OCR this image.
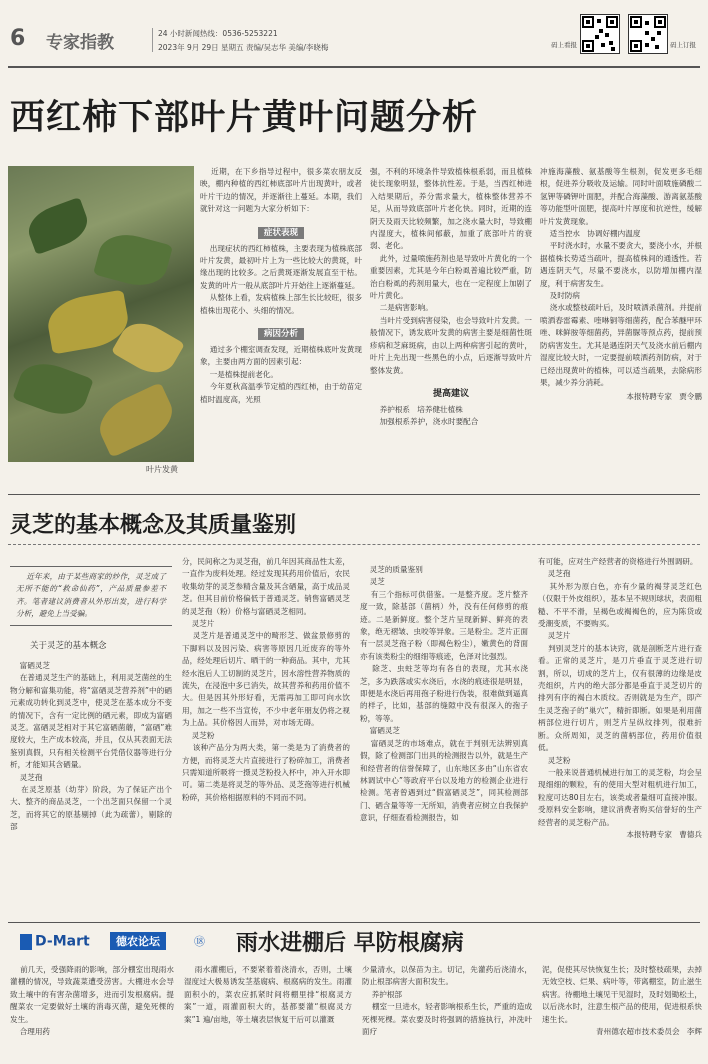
6 专家指教	24 小时新闻热线：0536-5253221
2023年 9月 29日 星期五 责编/吴志华 美编/李晓梅	码上看报	码上订报
西红柿下部叶片黄叶问题分析
叶片发黄
近期，在下乡指导过程中，很多菜农朋友反映，棚内种植的西红柿底部叶片出现黄叶，或者叶片干边的情况，并逐渐往上蔓延。本期，我们就针对这一问题为大家分析如下：
症状表现
出现症状的西红柿植株，主要表现为植株底部叶片发黄，最初叶片上为一些比较大的黄斑，叶缘出现的比较多。之后黄斑逐渐发展直至干枯。发黄的叶片一般从底部叶片开始往上逐渐蔓延。
从整体上看，发病植株上部生长比较旺，很多植株出现花小、头细的情况。
病因分析
通过多个棚室调查发现，近期植株底叶发黄现象，主要由两方面的因素引起：
一是植株提前老化。
今年夏秋高温季节定植的西红柿，由于幼苗定植时温度高，光照
强，不利的环境条件导致植株根系弱，而且植株徒长现象明显，整体抗性差。于是，当西红柿进入结果期后，养分需求量大，植株整体营养不足，从而导致底部叶片老化快。同时，近期的连阴天及雨天比较频繁，加之浇水量大时，导致棚内湿度大，植株间郁蔽，加重了底部叶片的衰弱、老化。
此外，过量喷施药剂也是导致叶片黄化的一个重要因素，尤其是今年白粉虱普遍比较严重，防治白粉虱的药剂用量大，也在一定程度上加剧了叶片黄化。
二是病害影响。
当叶片受到病害侵染，也会导致叶片发黄。一般情况下，诱发底叶发黄的病害主要是细菌性斑疹病和芝麻斑病，由以上两种病害引起的黄叶，叶片上先出现一些黑色的小点，后逐渐导致叶片整体发黄。
提高建议
养护根系   培养健壮植株
加强根系养护，浇水时要配合
冲施海藻酸、氨基酸等生根剂，促发更多毛细根，促进养分吸收及运输。同时叶面喷施磷酸二氢钾等磷钾叶面肥，并配合海藻酸、游离氨基酸等功能型叶面肥，提高叶片厚度和抗逆性，缓解叶片发黄现象。
适当控水   协调好棚内温度
平时浇水时，水量不要贪大，要浇小水，并根据植株长势适当疏叶，提高植株间的通透性。若遇连阴天气，尽量不要浇水，以防增加棚内湿度，利于病害发生。
及时防病
浇水或整枝疏叶后，及时喷洒杀菌剂。并提前喷洒春雷霉素、喹啉铜等细菌药，配合苯醚甲环唑、咪鲜胺等细菌药，异菌脲等预点药，提前预防病害发生。尤其是遇连阴天气及浇水前后棚内湿度比较大时，一定要提前喷洒药剂防病，对于已经出现黄叶的植株，可以适当疏果，去除病形果，减少养分消耗。
本报特聘专家   贾令鹏
灵芝的基本概念及其质量鉴别
近年来，由于某些商家的炒作，灵芝成了无所不能的“救命仙药”，产品质量参差不齐。笔者建议消费者从外形出发，进行科学分析，避免上当受骗。
关于灵芝的基本概念
富硒灵芝
在普通灵芝生产的基础上，利用灵芝菌丝的生物分解和富集功能，将“富硒灵芝营养剂”中的硒元素成功转化到灵芝中，使灵芝在基本成分不变的情况下，含有一定比例的硒元素，即成为富硒灵芝。富硒灵芝相对于其它富硒菌蘑，“富硒”难度较大，生产成本较高，并且，仅从其表面无法鉴别真假，只有相关检测平台凭借仪器等进行分析，才能知其含硒量。
灵芝孢
在灵芝原基（幼芽）阶段，为了保证产出个大、整齐的商品灵芝，一个出芝面只保留一个灵芝，而将其它的原基剔掉（此为疏蕾），剔除的部
分，民间称之为灵芝孢，前几年因其商品性太差，一直作为废料处理。经过发现其药用价值后，农民收集幼芽的灵芝参精含量及其含硒量，高于成品灵芝。但其目前价格偏低于普通灵芝。销售富硒灵芝的灵芝孢（粉）价格与富硒灵芝相同。
灵芝片
灵芝片是普通灵芝中的畸形芝、做盆景修剪的下脚料以及因污染、病害等原因几近废弃的等外品，经处理后切片、晒干的一种商品。其中，尤其经水泡后人工切制的灵芝片，因水溶性营养物质的流失，在浸泡中多已消失，故其营养和药用价值不大。但是因其外形好看，无需再加工即可向水饮用，加之一些不当宣传，不少中老年朋友仍将之视为上品。其价格因人而异，对市场无碍。
灵芝粉
该种产品分为两大类，第一类是为了消费者的方便，而将灵芝大片直接进行了粉碎加工，消费者只需知道所吸将一摄灵芝粉投入杯中，冲入开水即可。第二类是将灵芝的等外品、灵芝孢等进行机械粉碎，其价格相据原料的不同而不同。
灵芝的质量鉴别
灵芝
有三个指标可供借鉴。一是整齐度。芝片整齐度一致，除基部（菌柄）外，没有任何修剪的痕迹。二是新鲜度。整个芝片呈现新鲜、鲜亮的表象，绝无褶皱、虫咬等异象。三是粉尘。芝片正面有一层灵芝孢子粉（即褐色粉尘），嫩黄色的背面亦有该类粉尘的细细等痕迹，色泽对比强烈。
除芝、虫蛀芝等均有各自的表现，尤其水浇芝，多为跌落或实水浇后，水浇的痕迹很是明显，即便是水浇后再用孢子粉进行伪装，很难做到逼真的样子，比如，基部的缝隙中没有很深入的孢子粉，等等。
富硒灵芝
富硒灵芝的市场难点，就在于判别无法辨别真假，除了检测部门出具的检测报告以外，就是生产和经营者的信誉保障了，山东地区多由“山东省农林调试中心”等政府平台以及地方的检测企业进行检测。笔者曾遇到过“假富硒灵芝”，同其检测部门、硒含量等等一无所知，消费者应树立自我保护意识，仔细查看检测报告，如
有可能，应对生产经营者的资格进行外围调研。
灵芝孢
其外形为原白色，亦有少量的褐芽灵芝红色（仅限于外皮组织），基本呈不规则球状，表面粗糙、不平不滑，呈褐色或褐褐色的，应为陈货或受潮变质，不要购买。
灵芝片
判别灵芝片的基本诀窍，就是剖断芝片进行查看。正常的灵芝片，是刀片垂直于灵芝进行切割，所以，切成的芝片上，仅有很薄的边缘是皮壳组织，片内的绝大部分都是垂直于灵芝切片的排列有序的褐白木质纹。否则就是为生产，即产生灵芝孢子的“巢穴”，精折即断。如果是利用菌柄部位进行切片，则芝片呈纵纹排列，很难折断。众所周知，灵芝的菌柄部位，药用价值很低。
灵芝粉
一般来说普通机械进行加工的灵芝粉，均会呈现细细的颗粒，有的使用大型对粗机进行加工，粒度可达80目左右，该类或者量细可直接冲服。受原料安全影响，建议消费者购买信誉好的生产经营者的灵芝粉产品。
本报特聘专家   曹德兵
D-Mart	德农论坛	⑱ 雨水进棚后 早防根腐病
前几天，受强降雨的影响，部分棚室出现雨水灌棚的情况，导致蔬菜遭受涝害。大棚进水会导致土壤中的有害杂菌增多，进而引发根腐病。提醒菜农一定要做好土壤的消毒灭菌，避免死棵的发生。
合理用药
雨水灌棚后，不要紧着着浇清水，否则，土壤湿度过大极易诱发茎基腐病、根腐病的发生。雨灌面积小的，菜农应抓紧时间将棚里排“根腐灵方案”一道，雨灌面积大的，基都要灌“根腐灵方案”1 遍/亩地，等土壤表层恢复干后可以灌溉
少量清水，以保苗为主。切记，先灌药后浇清水，防止根部病害大面积发生。
养护根部
棚室一旦进水，轻者影响根系生长，严重的造成死棵死棵。菜农要及时将强调的措施执行，冲洗叶面疗
泥，促使其尽快恢复生长；及时整枝疏果，去掉无效空枝、烂果、病叶等，带离棚室，防止滋生病害。待棚地土壤见干见湿时，及时划锄松土，以后浇水时，注意生根产品的使用，促进根系快速生长。
青州德农超市技术委员会   李辉
